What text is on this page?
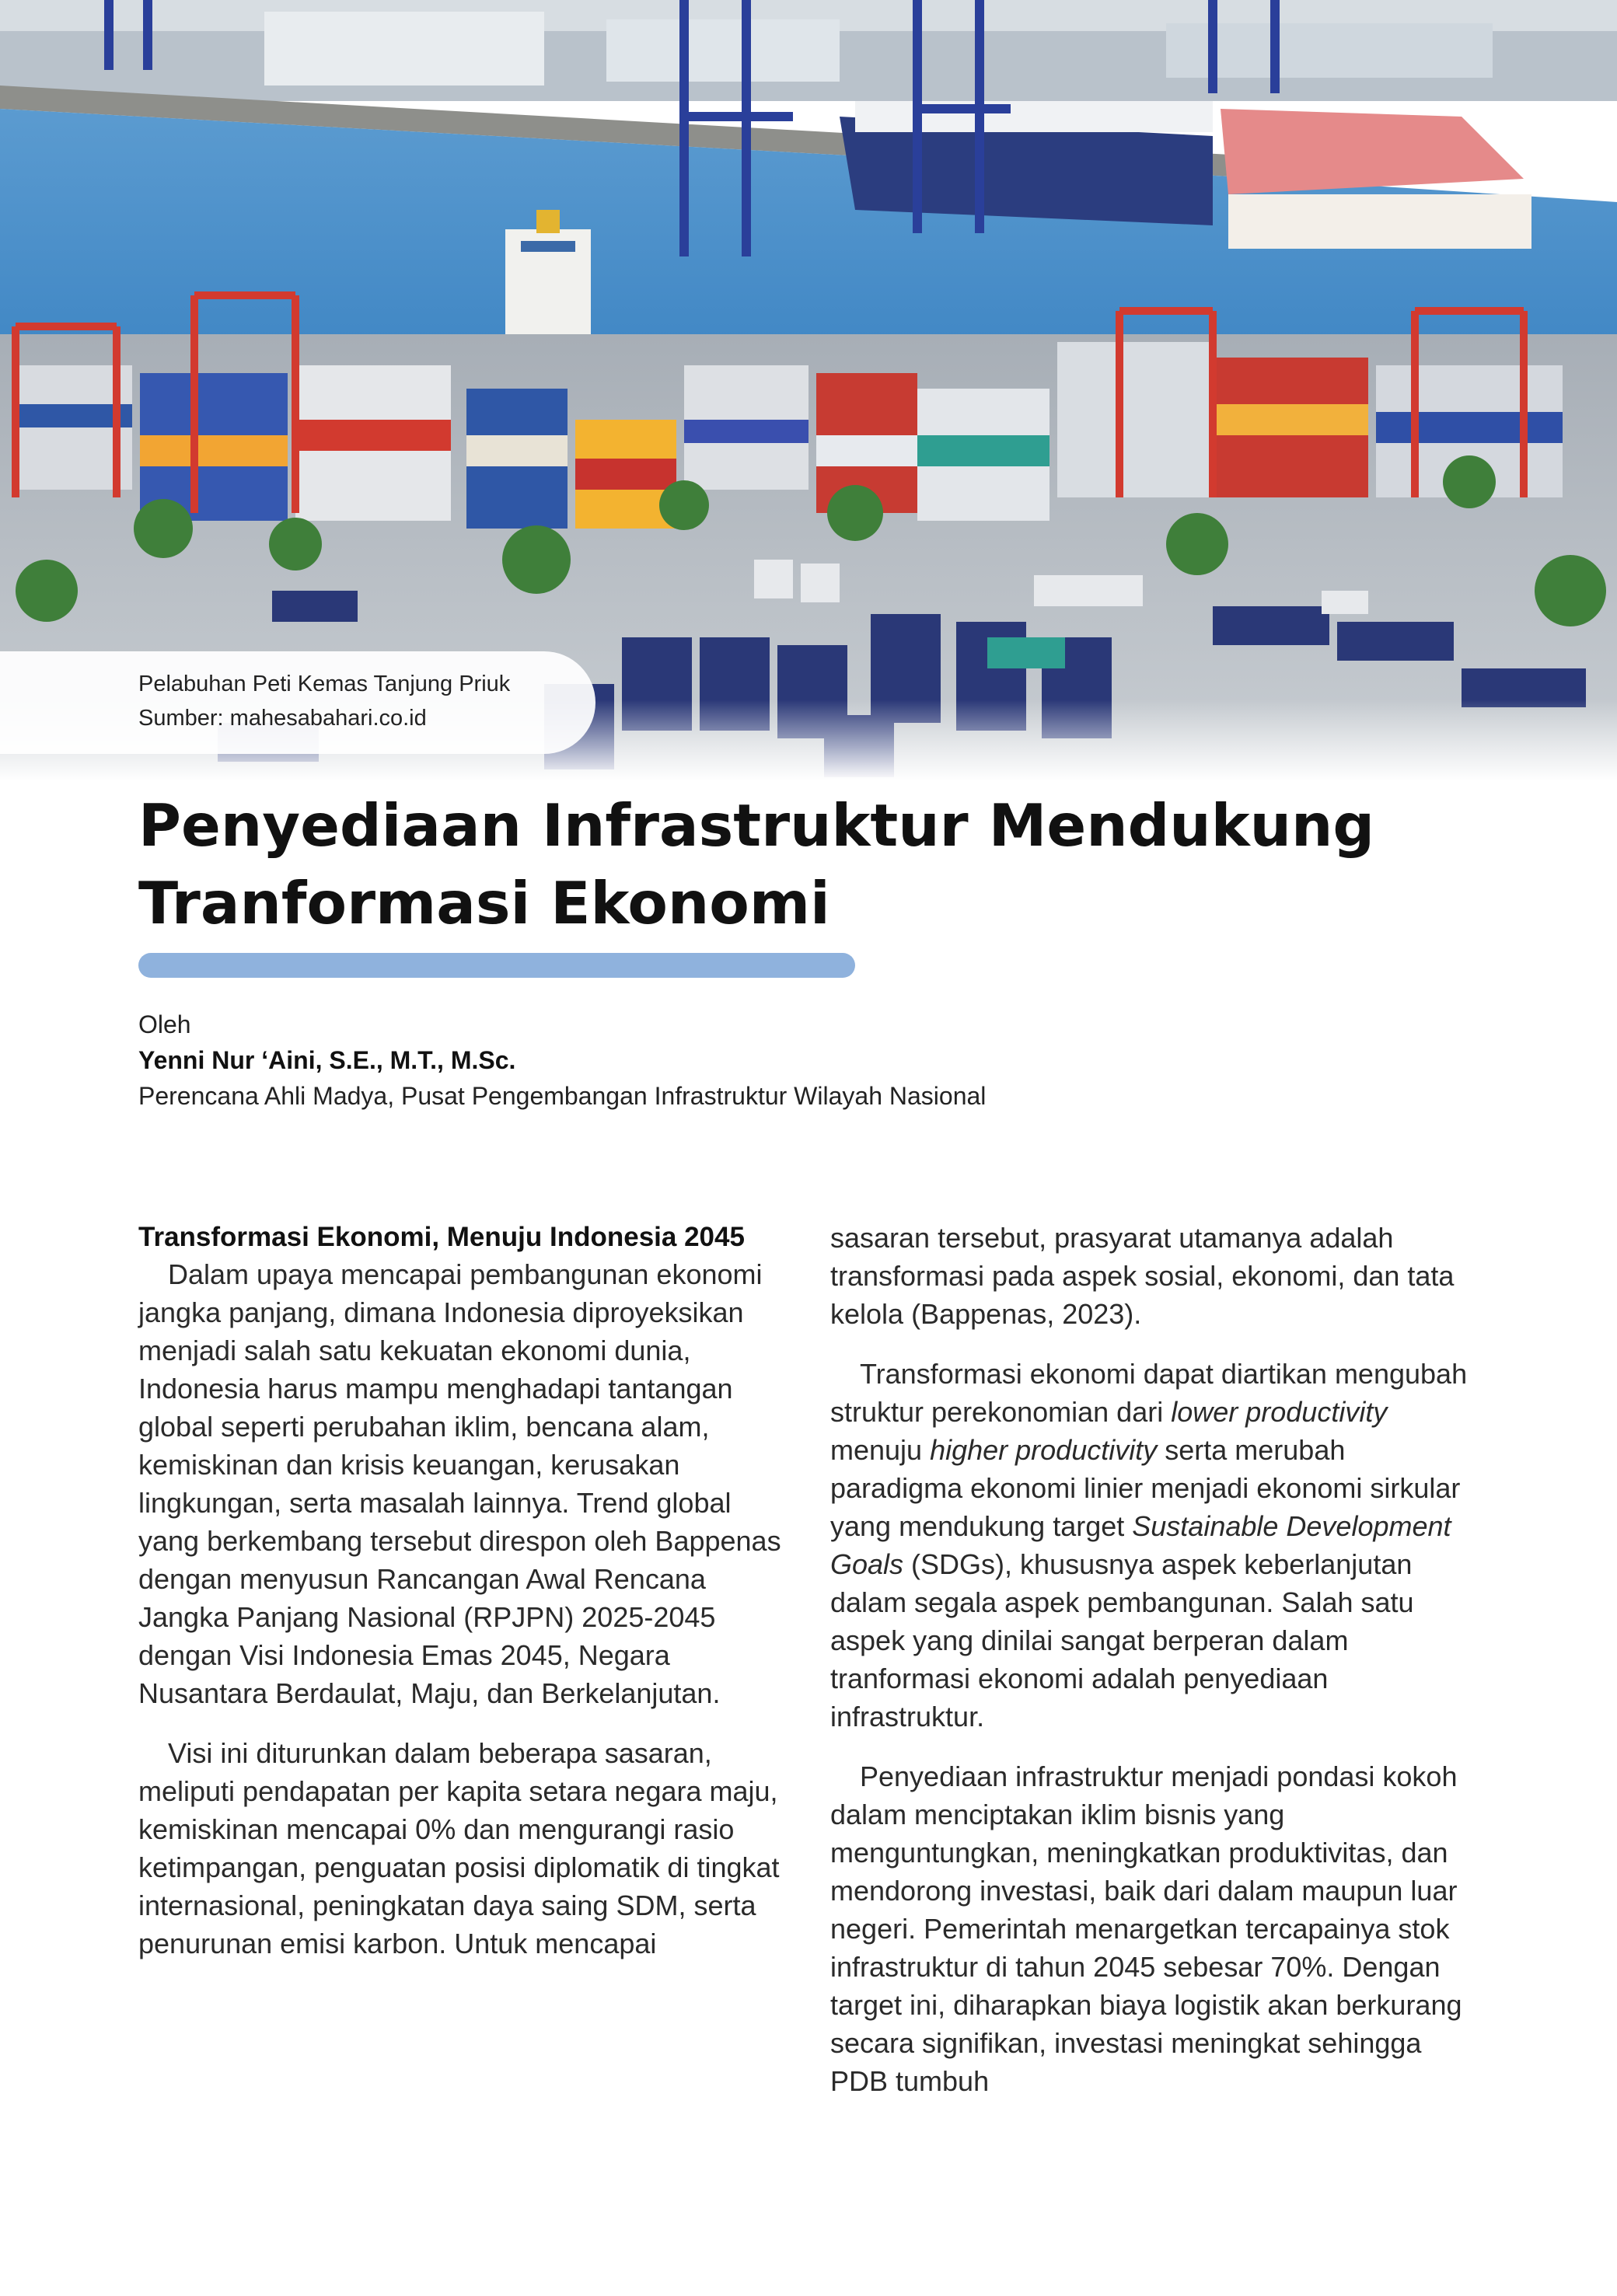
Pelabuhan Peti Kemas Tanjung Priuk
Sumber: mahesabahari.co.id
Penyediaan Infrastruktur Mendukung
Tranformasi Ekonomi
Oleh
Yenni Nur ‘Aini, S.E., M.T., M.Sc.
Perencana Ahli Madya, Pusat Pengembangan Infrastruktur Wilayah Nasional
Transformasi Ekonomi, Menuju Indonesia 2045

Dalam upaya mencapai pembangunan ekonomi jangka panjang, dimana Indonesia diproyeksikan menjadi salah satu kekuatan ekonomi dunia, Indonesia harus mampu menghadapi tantangan global seperti perubahan iklim, bencana alam, kemiskinan dan krisis keuangan, kerusakan lingkungan, serta masalah lainnya. Trend global yang berkembang tersebut direspon oleh Bappenas dengan menyusun Rancangan Awal Rencana Jangka Panjang Nasional (RPJPN) 2025-2045 dengan Visi Indonesia Emas 2045, Negara Nusantara Berdaulat, Maju, dan Berkelanjutan.

Visi ini diturunkan dalam beberapa sasaran, meliputi pendapatan per kapita setara negara maju, kemiskinan mencapai 0% dan mengurangi rasio ketimpangan, penguatan posisi diplomatik di tingkat internasional, peningkatan daya saing SDM, serta penurunan emisi karbon. Untuk mencapai

sasaran tersebut, prasyarat utamanya adalah transformasi pada aspek sosial, ekonomi, dan tata kelola (Bappenas, 2023).

Transformasi ekonomi dapat diartikan mengubah struktur perekonomian dari lower productivity menuju higher productivity serta merubah paradigma ekonomi linier menjadi ekonomi sirkular yang mendukung target Sustainable Development Goals (SDGs), khususnya aspek keberlanjutan dalam segala aspek pembangunan. Salah satu aspek yang dinilai sangat berperan dalam tranformasi ekonomi adalah penyediaan infrastruktur.

Penyediaan infrastruktur menjadi pondasi kokoh dalam menciptakan iklim bisnis yang menguntungkan, meningkatkan produktivitas, dan mendorong investasi, baik dari dalam maupun luar negeri. Pemerintah menargetkan tercapainya stok infrastruktur di tahun 2045 sebesar 70%. Dengan target ini, diharapkan biaya logistik akan berkurang secara signifikan, investasi meningkat sehingga PDB tumbuh
